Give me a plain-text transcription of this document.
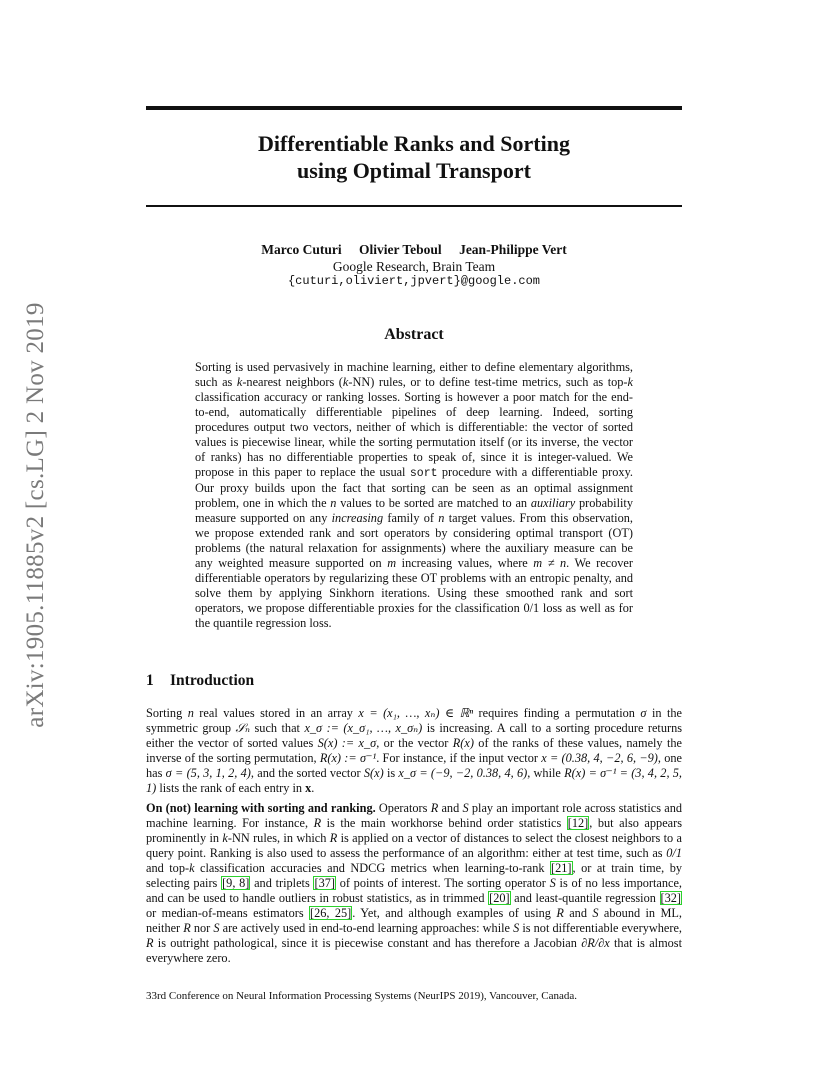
arXiv:1905.11885v2 [cs.LG] 2 Nov 2019
Differentiable Ranks and Sorting
using Optimal Transport
Marco Cuturi Olivier Teboul Jean-Philippe Vert
Google Research, Brain Team
{cuturi,oliviert,jpvert}@google.com
Abstract
Sorting is used pervasively in machine learning, either to define elementary algorithms, such as k-nearest neighbors (k-NN) rules, or to define test-time metrics, such as top-k classification accuracy or ranking losses. Sorting is however a poor match for the end-to-end, automatically differentiable pipelines of deep learning. Indeed, sorting procedures output two vectors, neither of which is differentiable: the vector of sorted values is piecewise linear, while the sorting permutation itself (or its inverse, the vector of ranks) has no differentiable properties to speak of, since it is integer-valued. We propose in this paper to replace the usual sort procedure with a differentiable proxy. Our proxy builds upon the fact that sorting can be seen as an optimal assignment problem, one in which the n values to be sorted are matched to an auxiliary probability measure supported on any increasing family of n target values. From this observation, we propose extended rank and sort operators by considering optimal transport (OT) problems (the natural relaxation for assignments) where the auxiliary measure can be any weighted measure supported on m increasing values, where m ≠ n. We recover differentiable operators by regularizing these OT problems with an entropic penalty, and solve them by applying Sinkhorn iterations. Using these smoothed rank and sort operators, we propose differentiable proxies for the classification 0/1 loss as well as for the quantile regression loss.
1 Introduction
Sorting n real values stored in an array x = (x₁, …, xₙ) ∈ ℝⁿ requires finding a permutation σ in the symmetric group 𝒮ₙ such that x_σ := (x_σ₁, …, x_σₙ) is increasing. A call to a sorting procedure returns either the vector of sorted values S(x) := x_σ, or the vector R(x) of the ranks of these values, namely the inverse of the sorting permutation, R(x) := σ⁻¹. For instance, if the input vector x = (0.38, 4, −2, 6, −9), one has σ = (5, 3, 1, 2, 4), and the sorted vector S(x) is x_σ = (−9, −2, 0.38, 4, 6), while R(x) = σ⁻¹ = (3, 4, 2, 5, 1) lists the rank of each entry in x.
On (not) learning with sorting and ranking. Operators R and S play an important role across statistics and machine learning. For instance, R is the main workhorse behind order statistics [12], but also appears prominently in k-NN rules, in which R is applied on a vector of distances to select the closest neighbors to a query point. Ranking is also used to assess the performance of an algorithm: either at test time, such as 0/1 and top-k classification accuracies and NDCG metrics when learning-to-rank [21], or at train time, by selecting pairs [9, 8] and triplets [37] of points of interest. The sorting operator S is of no less importance, and can be used to handle outliers in robust statistics, as in trimmed [20] and least-quantile regression [32] or median-of-means estimators [26, 25]. Yet, and although examples of using R and S abound in ML, neither R nor S are actively used in end-to-end learning approaches: while S is not differentiable everywhere, R is outright pathological, since it is piecewise constant and has therefore a Jacobian ∂R/∂x that is almost everywhere zero.
33rd Conference on Neural Information Processing Systems (NeurIPS 2019), Vancouver, Canada.
